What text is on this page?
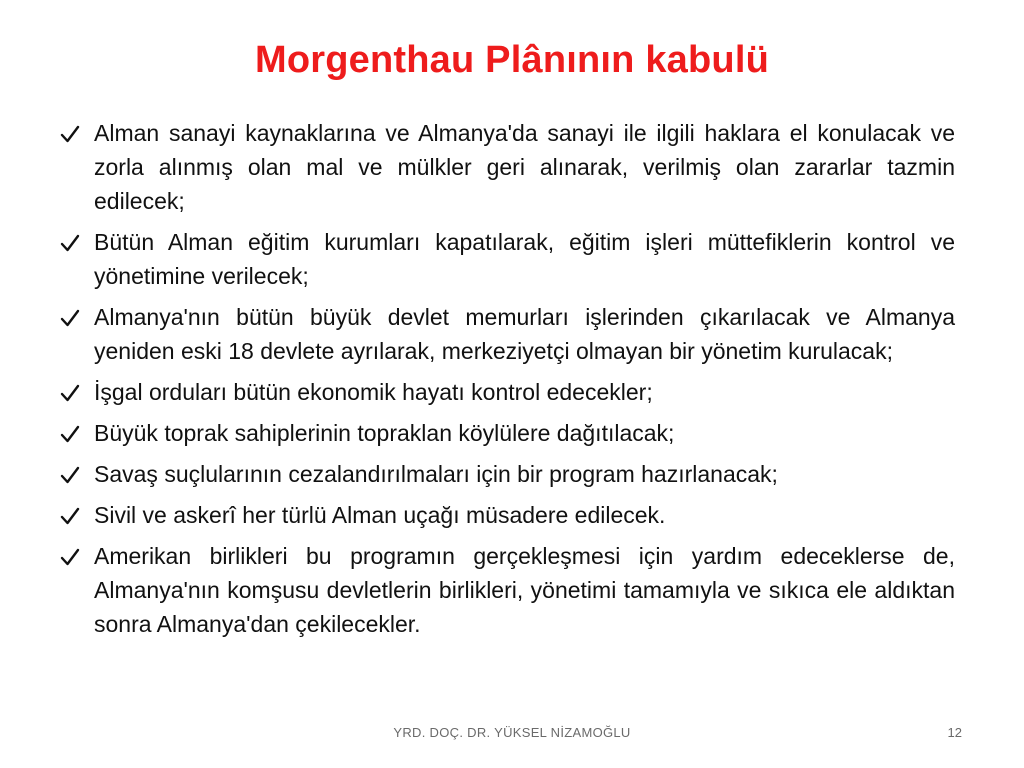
Morgenthau Plânının kabulü
Alman sanayi kaynaklarına ve Almanya'da sanayi ile ilgili haklara el konulacak ve zorla alınmış olan mal ve mülkler geri alınarak, verilmiş olan zararlar tazmin edilecek;
Bütün Alman eğitim kurumları kapatılarak, eğitim işleri müttefiklerin kontrol ve yönetimine verilecek;
Almanya'nın bütün büyük devlet memurları işlerinden çıkarılacak ve Almanya yeniden eski 18 devlete ayrılarak, merkeziyetçi olmayan bir yönetim kurulacak;
İşgal orduları bütün ekonomik hayatı kontrol edecekler;
Büyük toprak sahiplerinin topraklan köylülere dağıtılacak;
Savaş suçlularının cezalandırılmaları için bir program hazırlanacak;
Sivil ve askerî her türlü Alman uçağı müsadere edilecek.
Amerikan birlikleri bu programın gerçekleşmesi için yardım edeceklerse de, Almanya'nın komşusu devletlerin birlikleri, yönetimi tamamıyla ve sıkıca ele aldıktan sonra Almanya'dan çekilecekler.
YRD. DOÇ. DR. YÜKSEL NİZAMOĞLU	12
